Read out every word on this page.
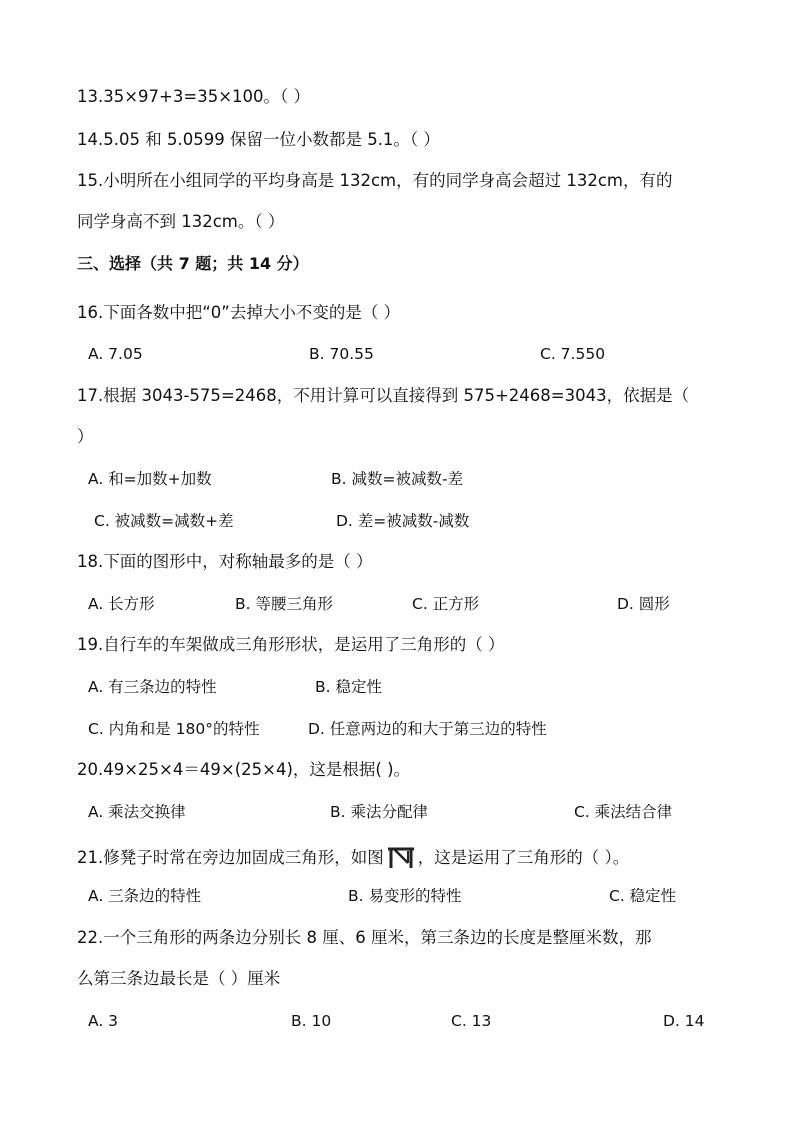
13.35×97+3=35×100。（ ）
14.5.05 和 5.0599 保留一位小数都是 5.1。（ ）
15.小明所在小组同学的平均身高是 132cm，有的同学身高会超过 132cm，有的
同学身高不到 132cm。（ ）
三、选择（共 7 题；共 14 分）
16.下面各数中把“0”去掉大小不变的是（ ）
A. 7.05	B. 70.55	C. 7.550
17.根据 3043-575=2468，不用计算可以直接得到 575+2468=3043，依据是（
）
A. 和=加数+加数	B. 减数=被减数-差
C. 被减数=减数+差	D. 差=被减数-减数
18.下面的图形中，对称轴最多的是（ ）
A. 长方形	B. 等腰三角形	C. 正方形	D. 圆形
19.自行车的车架做成三角形形状，是运用了三角形的（ ）
A. 有三条边的特性	B. 稳定性
C. 内角和是 180°的特性	D. 任意两边的和大于第三边的特性
20.49×25×4＝49×(25×4)，这是根据( )。
A. 乘法交换律	B. 乘法分配律	C. 乘法结合律
21.修凳子时常在旁边加固成三角形，如图 ，这是运用了三角形的（ ）。
A. 三条边的特性	B. 易变形的特性	C. 稳定性
22.一个三角形的两条边分别长 8 厘、6 厘米，第三条边的长度是整厘米数，那
么第三条边最长是（ ）厘米
A. 3	B. 10	C. 13	D. 14
